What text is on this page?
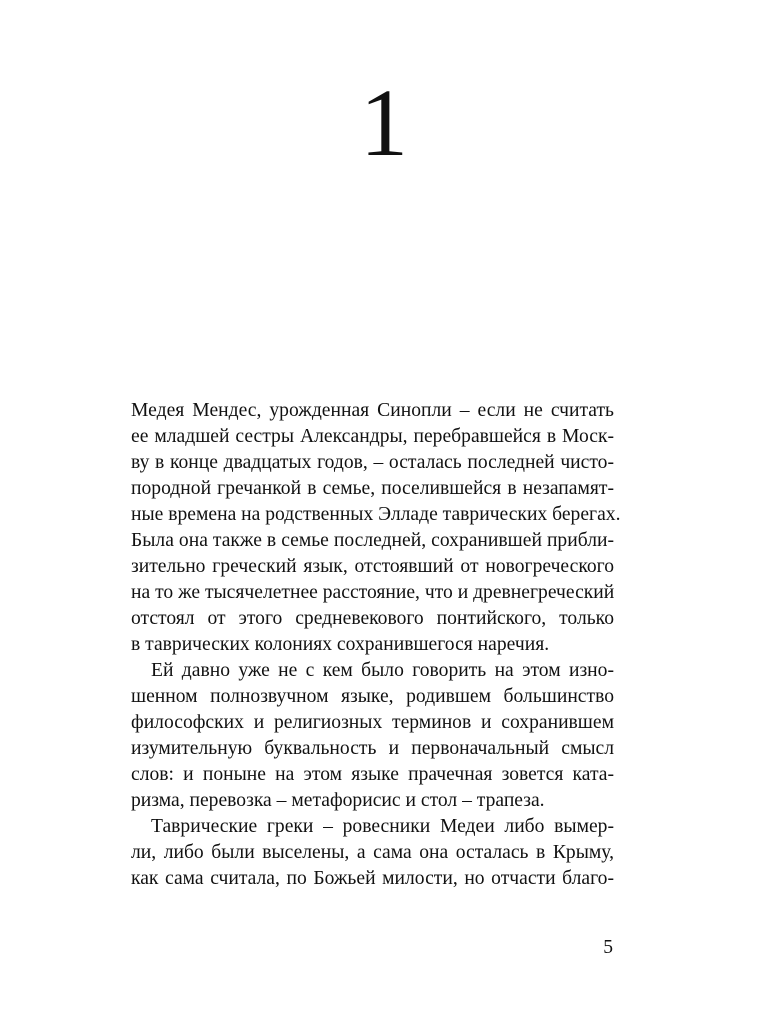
1
Медея Мендес, урожденная Синопли – если не считать
ее младшей сестры Александры, перебравшейся в Моск-
ву в конце двадцатых годов, – осталась последней чисто-
породной гречанкой в семье, поселившейся в незапамят-
ные времена на родственных Элладе таврических берегах.
Была она также в семье последней, сохранившей прибли-
зительно греческий язык, отстоявший от новогреческого
на то же тысячелетнее расстояние, что и древнегреческий
отстоял от этого средневекового понтийского, только
в таврических колониях сохранившегося наречия.
Ей давно уже не с кем было говорить на этом изно-
шенном полнозвучном языке, родившем большинство
философских и религиозных терминов и сохранившем
изумительную буквальность и первоначальный смысл
слов: и поныне на этом языке прачечная зовется ката-
ризма, перевозка – метафорисис и стол – трапеза.
Таврические греки – ровесники Медеи либо вымер-
ли, либо были выселены, а сама она осталась в Крыму,
как сама считала, по Божьей милости, но отчасти благо-
5
